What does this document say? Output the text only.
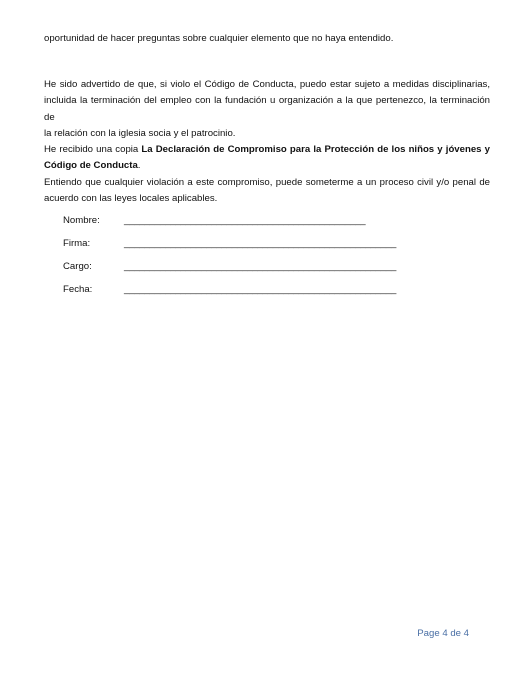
oportunidad de hacer preguntas sobre cualquier elemento que no haya entendido.

He sido advertido de que, si violo el Código de Conducta, puedo estar sujeto a medidas disciplinarias,
incluida la terminación del empleo con la fundación u organización a la que pertenezco, la terminación de
la relación con la iglesia socia y el patrocinio.
He recibido una copia La Declaración de Compromiso para la Protección de los niños y jóvenes y
Código de Conducta.
Entiendo que cualquier violación a este compromiso, puede someterme a un proceso civil y/o penal de
acuerdo con las leyes locales aplicables.

Nombre:	_______________________________________________
Firma:	_____________________________________________________
Cargo:	_____________________________________________________
Fecha:	_____________________________________________________
Page 4 de 4
